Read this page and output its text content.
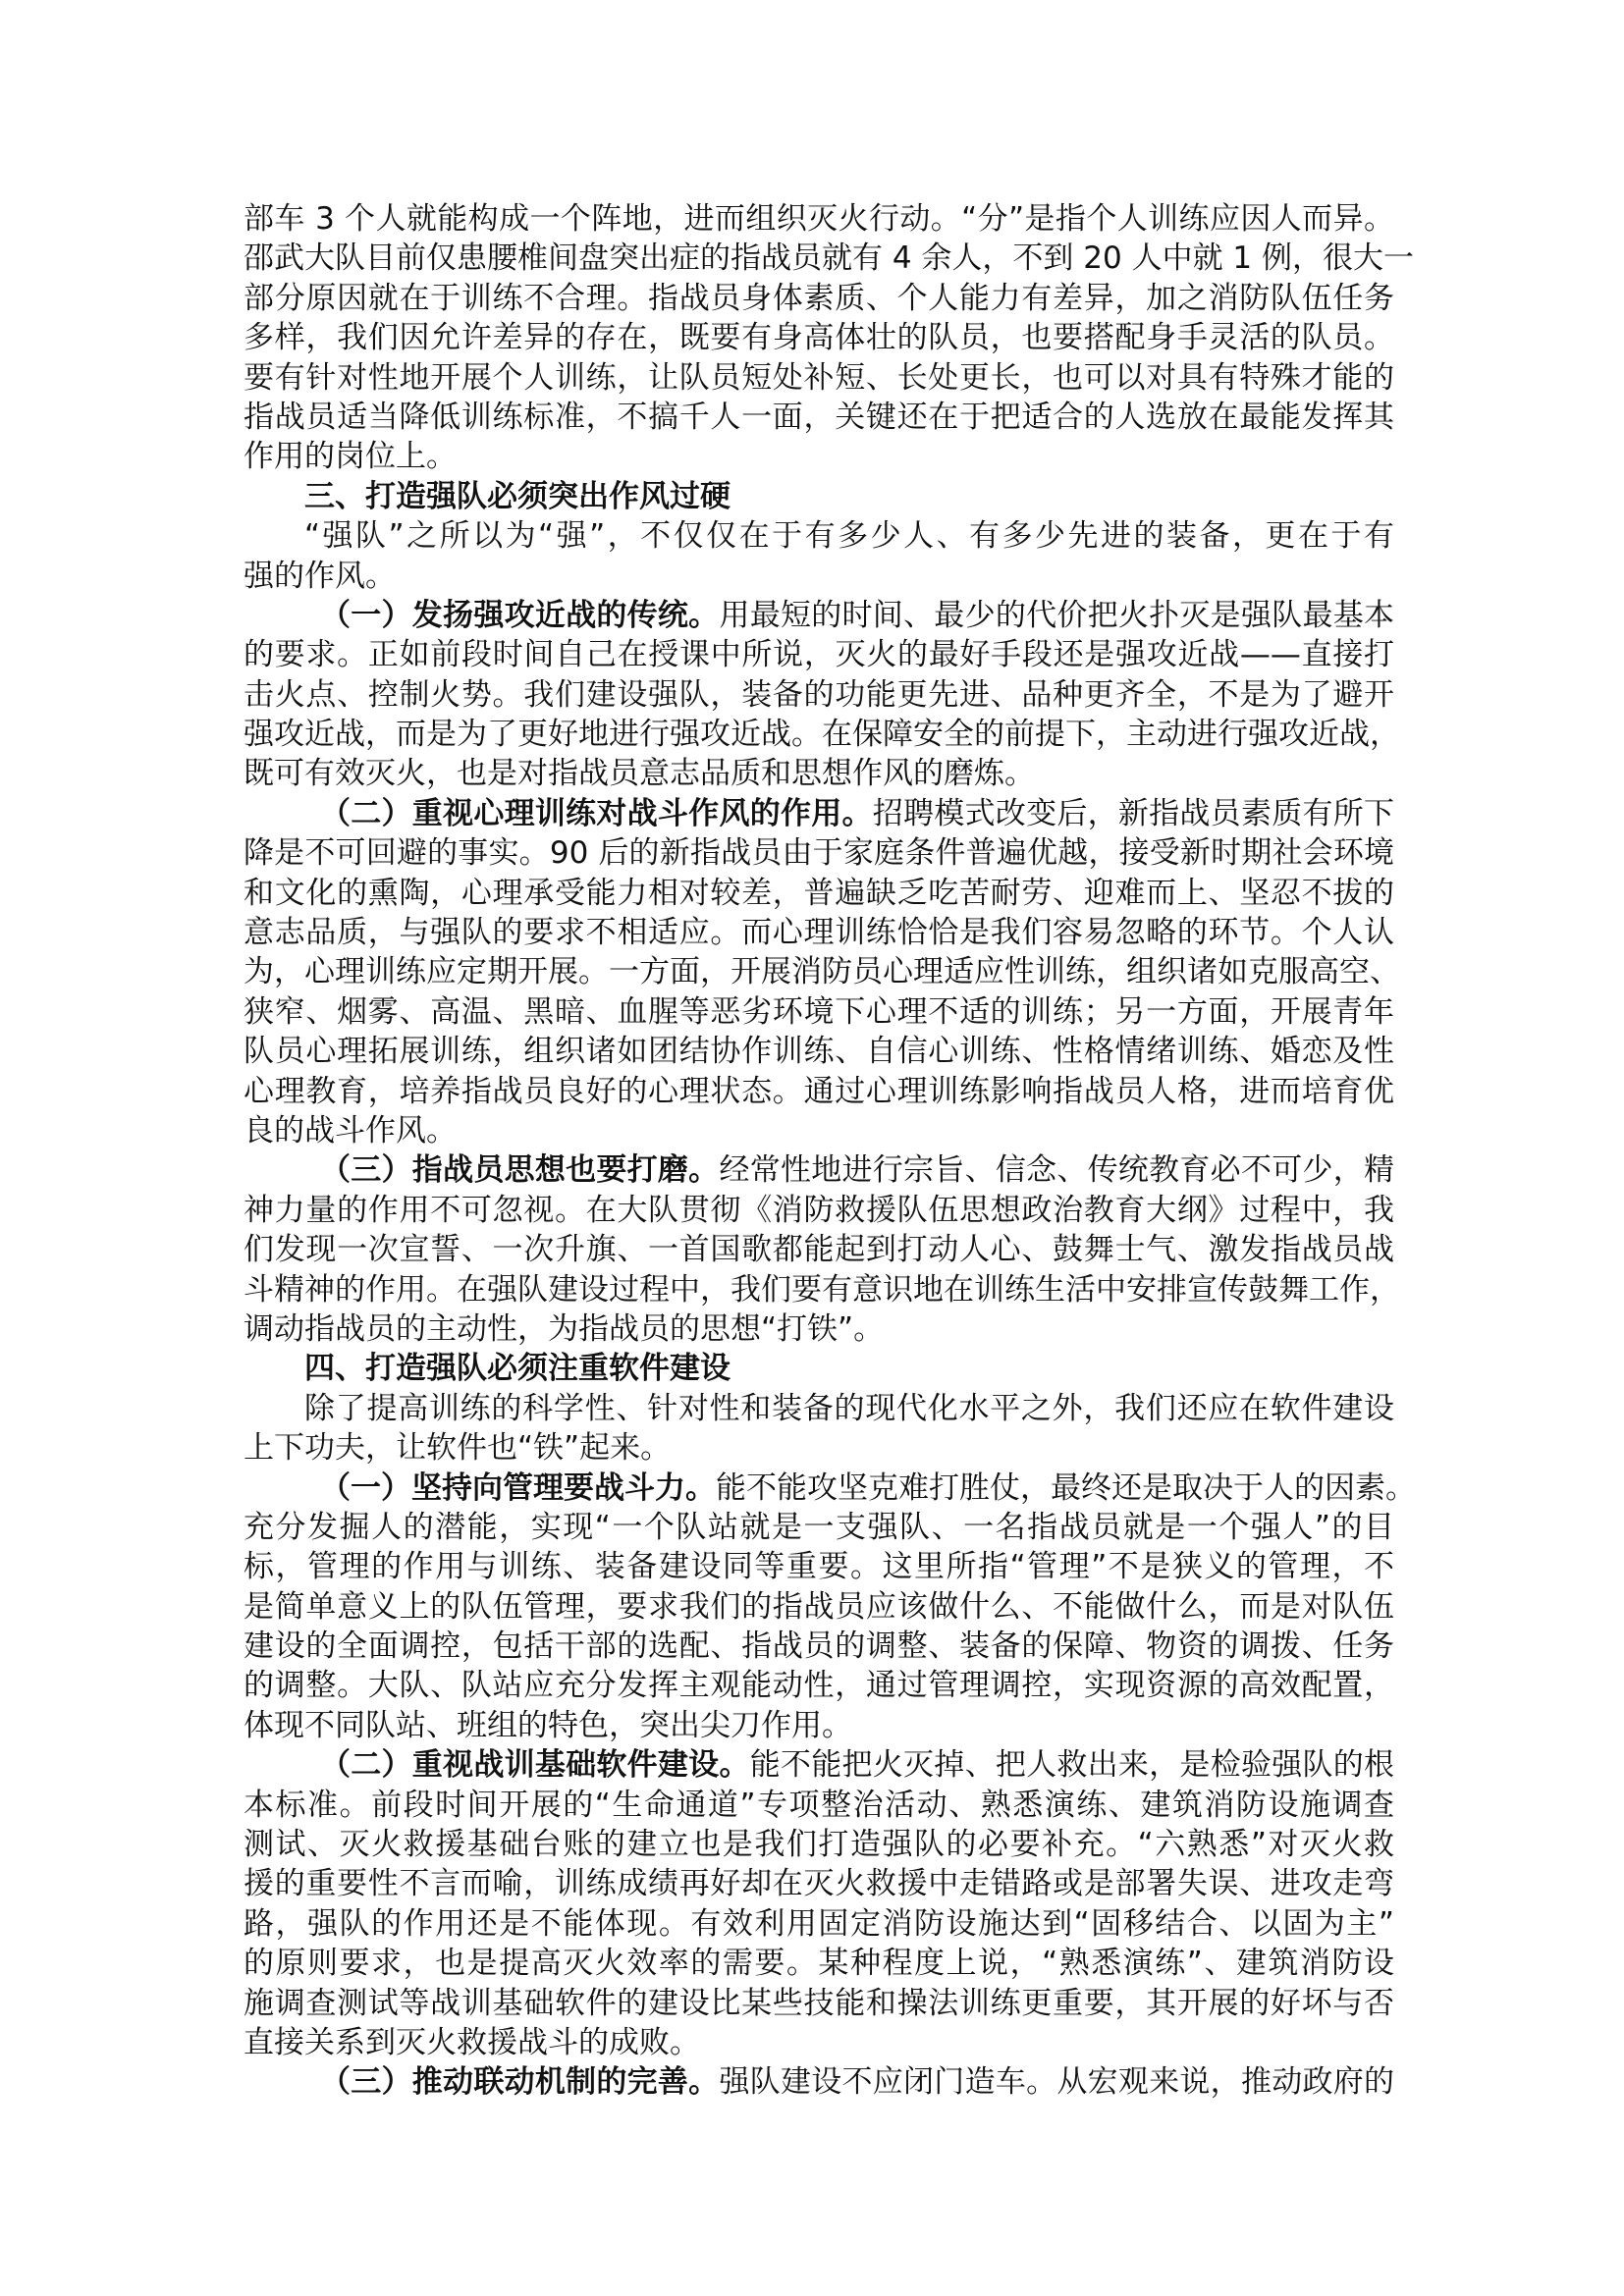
部车 3 个人就能构成一个阵地，进而组织灭火行动。“分”是指个人训练应因人而异。
邵武大队目前仅患腰椎间盘突出症的指战员就有 4 余人，不到 20 人中就 1 例，很大一
部分原因就在于训练不合理。指战员身体素质、个人能力有差异，加之消防队伍任务
多样，我们因允许差异的存在，既要有身高体壮的队员，也要搭配身手灵活的队员。
要有针对性地开展个人训练，让队员短处补短、长处更长，也可以对具有特殊才能的
指战员适当降低训练标准，不搞千人一面，关键还在于把适合的人选放在最能发挥其
作用的岗位上。
三、打造强队必须突出作风过硬
“强队”之所以为“强”，不仅仅在于有多少人、有多少先进的装备，更在于有
强的作风。
（一）发扬强攻近战的传统。用最短的时间、最少的代价把火扑灭是强队最基本
的要求。正如前段时间自己在授课中所说，灭火的最好手段还是强攻近战——直接打
击火点、控制火势。我们建设强队，装备的功能更先进、品种更齐全，不是为了避开
强攻近战，而是为了更好地进行强攻近战。在保障安全的前提下，主动进行强攻近战，
既可有效灭火，也是对指战员意志品质和思想作风的磨炼。
（二）重视心理训练对战斗作风的作用。招聘模式改变后，新指战员素质有所下
降是不可回避的事实。90 后的新指战员由于家庭条件普遍优越，接受新时期社会环境
和文化的熏陶，心理承受能力相对较差，普遍缺乏吃苦耐劳、迎难而上、坚忍不拔的
意志品质，与强队的要求不相适应。而心理训练恰恰是我们容易忽略的环节。个人认
为，心理训练应定期开展。一方面，开展消防员心理适应性训练，组织诸如克服高空、
狭窄、烟雾、高温、黑暗、血腥等恶劣环境下心理不适的训练；另一方面，开展青年
队员心理拓展训练，组织诸如团结协作训练、自信心训练、性格情绪训练、婚恋及性
心理教育，培养指战员良好的心理状态。通过心理训练影响指战员人格，进而培育优
良的战斗作风。
（三）指战员思想也要打磨。经常性地进行宗旨、信念、传统教育必不可少，精
神力量的作用不可忽视。在大队贯彻《消防救援队伍思想政治教育大纲》过程中，我
们发现一次宣誓、一次升旗、一首国歌都能起到打动人心、鼓舞士气、激发指战员战
斗精神的作用。在强队建设过程中，我们要有意识地在训练生活中安排宣传鼓舞工作，
调动指战员的主动性，为指战员的思想“打铁”。
四、打造强队必须注重软件建设
除了提高训练的科学性、针对性和装备的现代化水平之外，我们还应在软件建设
上下功夫，让软件也“铁”起来。
（一）坚持向管理要战斗力。能不能攻坚克难打胜仗，最终还是取决于人的因素。
充分发掘人的潜能，实现“一个队站就是一支强队、一名指战员就是一个强人”的目
标，管理的作用与训练、装备建设同等重要。这里所指“管理”不是狭义的管理，不
是简单意义上的队伍管理，要求我们的指战员应该做什么、不能做什么，而是对队伍
建设的全面调控，包括干部的选配、指战员的调整、装备的保障、物资的调拨、任务
的调整。大队、队站应充分发挥主观能动性，通过管理调控，实现资源的高效配置，
体现不同队站、班组的特色，突出尖刀作用。
（二）重视战训基础软件建设。能不能把火灭掉、把人救出来，是检验强队的根
本标准。前段时间开展的“生命通道”专项整治活动、熟悉演练、建筑消防设施调查
测试、灭火救援基础台账的建立也是我们打造强队的必要补充。“六熟悉”对灭火救
援的重要性不言而喻，训练成绩再好却在灭火救援中走错路或是部署失误、进攻走弯
路，强队的作用还是不能体现。有效利用固定消防设施达到“固移结合、以固为主”
的原则要求，也是提高灭火效率的需要。某种程度上说，“熟悉演练”、建筑消防设
施调查测试等战训基础软件的建设比某些技能和操法训练更重要，其开展的好坏与否
直接关系到灭火救援战斗的成败。
（三）推动联动机制的完善。强队建设不应闭门造车。从宏观来说，推动政府的
